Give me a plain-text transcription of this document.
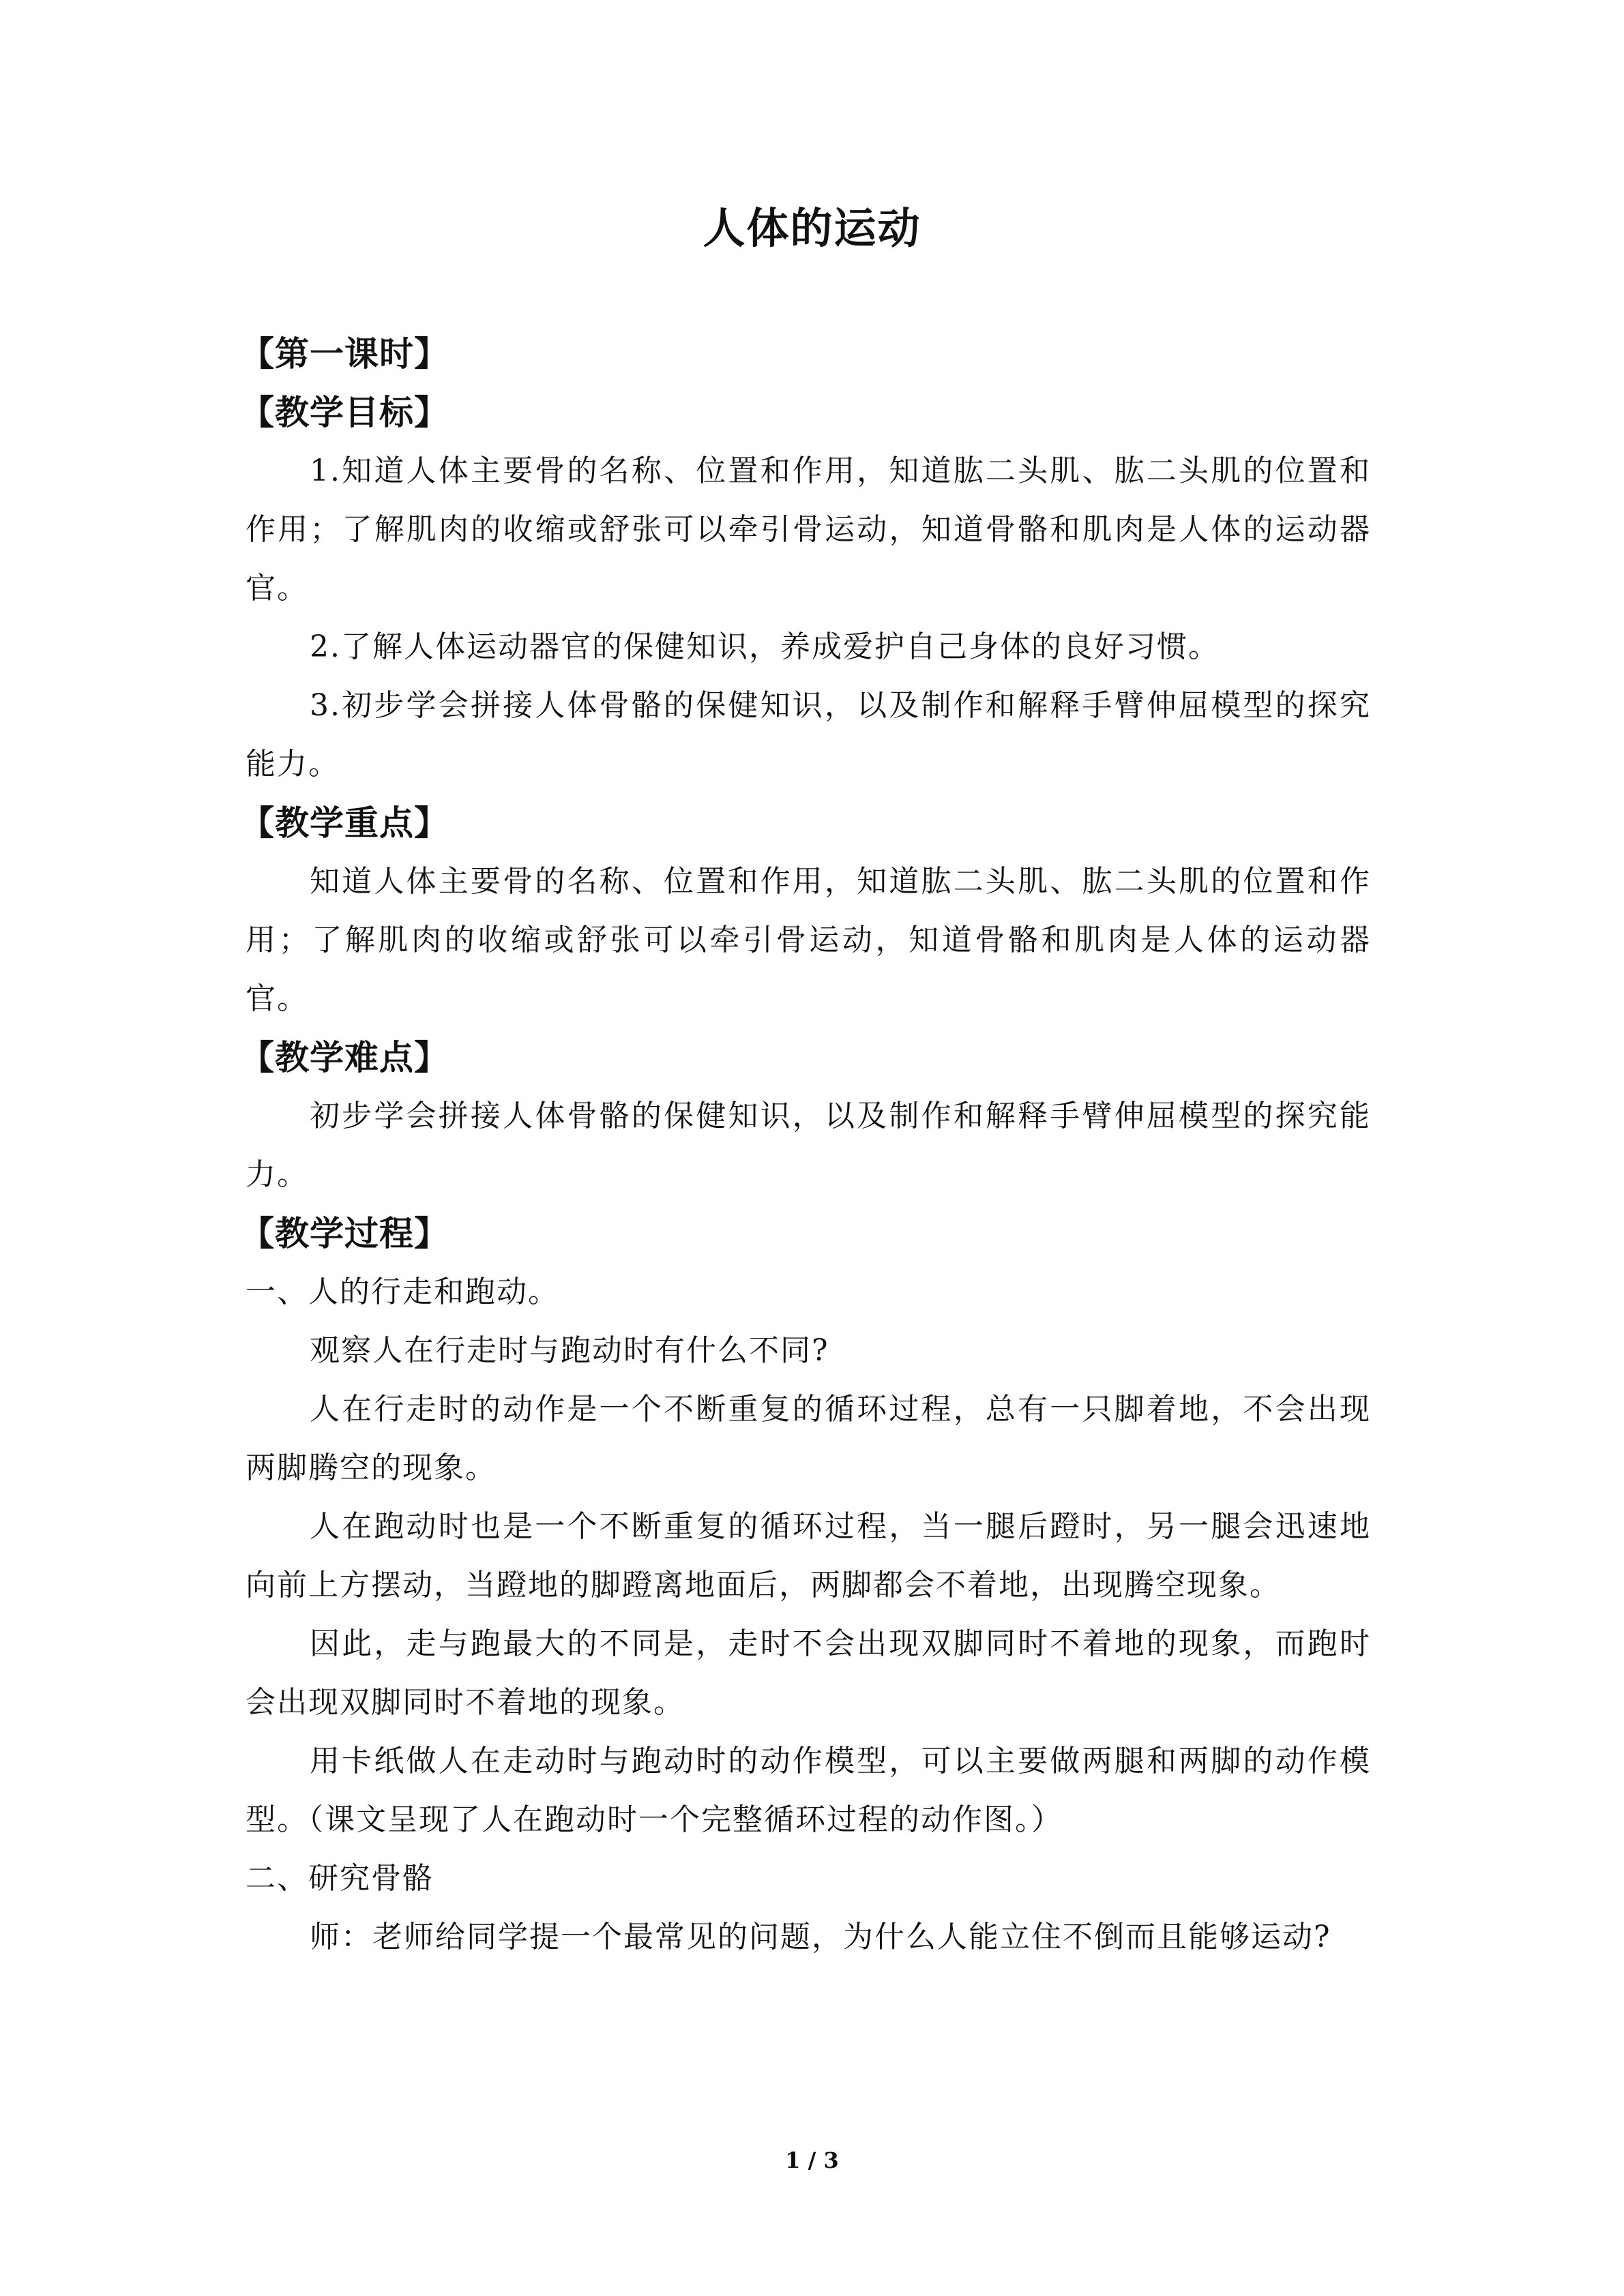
人体的运动
【第一课时】
【教学目标】

1.知道人体主要骨的名称、位置和作用，知道肱二头肌、肱二头肌的位置和作用；了解肌肉的收缩或舒张可以牵引骨运动，知道骨骼和肌肉是人体的运动器官。

2.了解人体运动器官的保健知识，养成爱护自己身体的良好习惯。

3.初步学会拼接人体骨骼的保健知识，以及制作和解释手臂伸屈模型的探究能力。

【教学重点】

知道人体主要骨的名称、位置和作用，知道肱二头肌、肱二头肌的位置和作用；了解肌肉的收缩或舒张可以牵引骨运动，知道骨骼和肌肉是人体的运动器官。

【教学难点】

初步学会拼接人体骨骼的保健知识，以及制作和解释手臂伸屈模型的探究能力。

【教学过程】

一、人的行走和跑动。

观察人在行走时与跑动时有什么不同?

人在行走时的动作是一个不断重复的循环过程，总有一只脚着地，不会出现两脚腾空的现象。

人在跑动时也是一个不断重复的循环过程，当一腿后蹬时，另一腿会迅速地向前上方摆动，当蹬地的脚蹬离地面后，两脚都会不着地，出现腾空现象。

因此，走与跑最大的不同是，走时不会出现双脚同时不着地的现象，而跑时会出现双脚同时不着地的现象。

用卡纸做人在走动时与跑动时的动作模型，可以主要做两腿和两脚的动作模型。（课文呈现了人在跑动时一个完整循环过程的动作图。）

二、研究骨骼

师：老师给同学提一个最常见的问题，为什么人能立住不倒而且能够运动?

1 / 3
